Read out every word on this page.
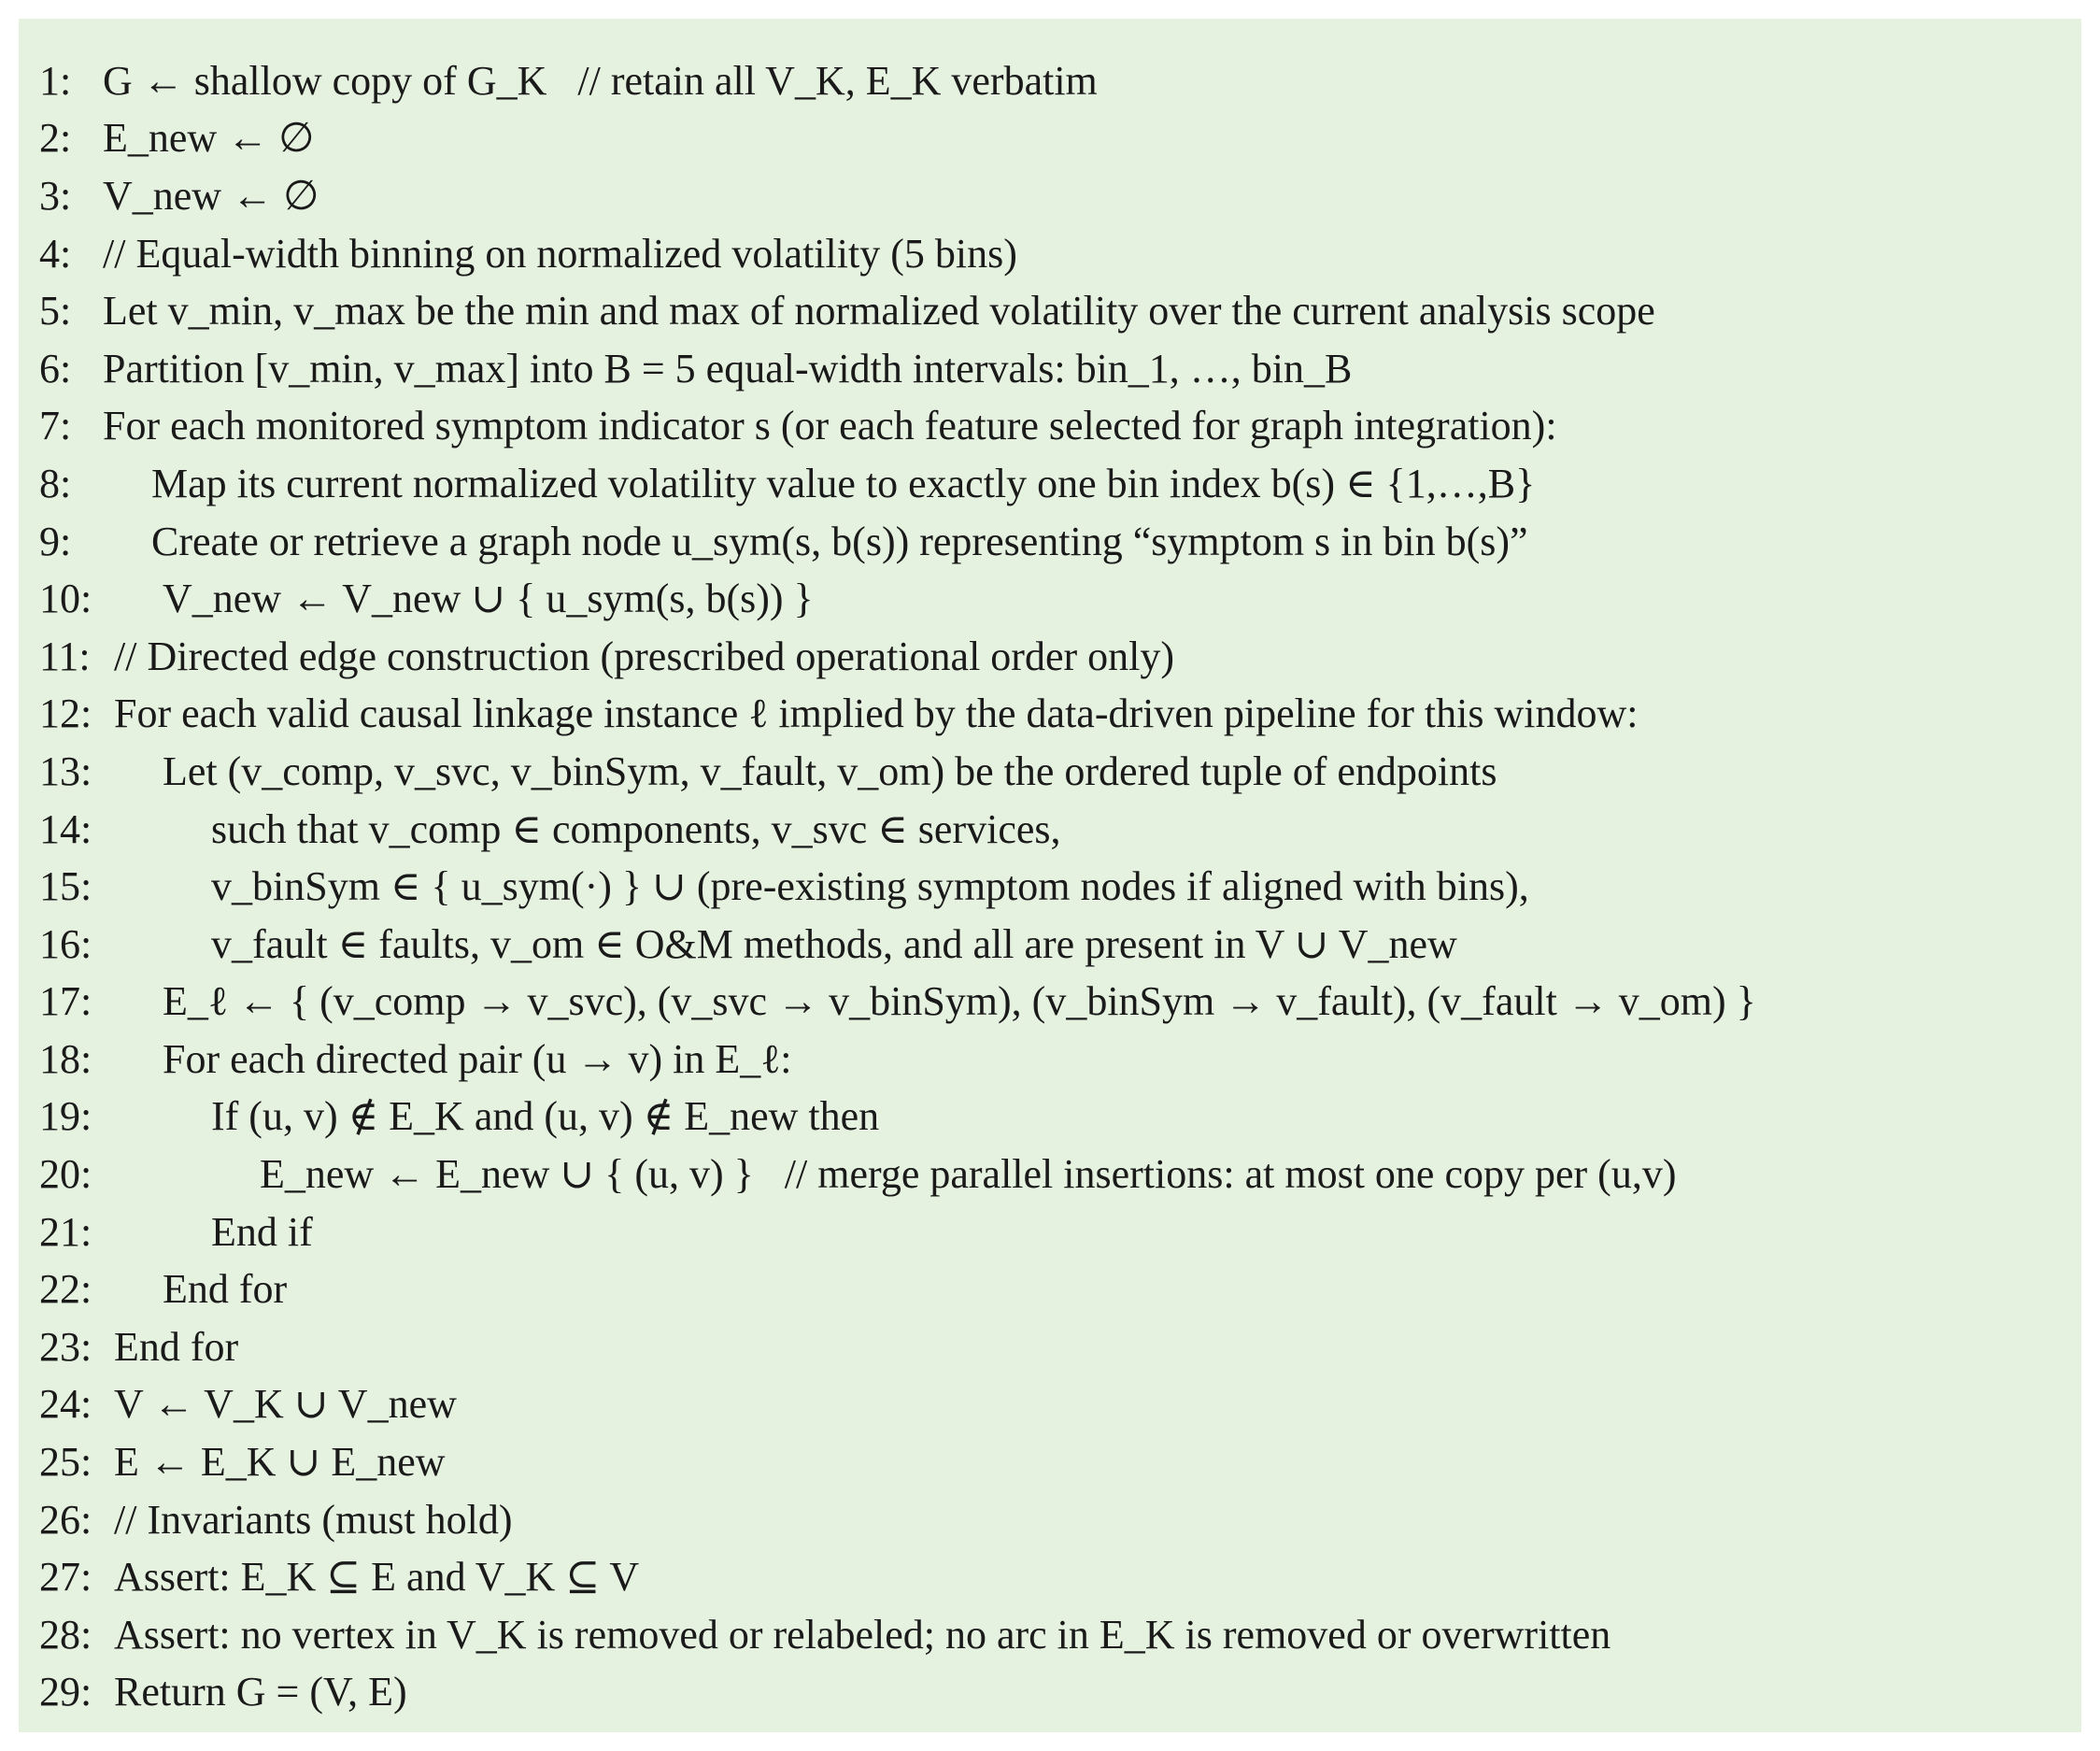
1: G ← shallow copy of G_K   // retain all V_K, E_K verbatim
2: E_new ← ∅
3: V_new ← ∅
4: // Equal-width binning on normalized volatility (5 bins)
5: Let v_min, v_max be the min and max of normalized volatility over the current analysis scope
6: Partition [v_min, v_max] into B = 5 equal-width intervals: bin_1, …, bin_B
7: For each monitored symptom indicator s (or each feature selected for graph integration):
8:	Map its current normalized volatility value to exactly one bin index b(s) ∈ {1,…,B}
9:	Create or retrieve a graph node u_sym(s, b(s)) representing “symptom s in bin b(s)”
10:	V_new ← V_new ∪ { u_sym(s, b(s)) }
11: // Directed edge construction (prescribed operational order only)
12: For each valid causal linkage instance ℓ implied by the data-driven pipeline for this window:
13:	Let (v_comp, v_svc, v_binSym, v_fault, v_om) be the ordered tuple of endpoints
14:	such that v_comp ∈ components, v_svc ∈ services,
15:	v_binSym ∈ { u_sym(·) } ∪ (pre-existing symptom nodes if aligned with bins),
16:	v_fault ∈ faults, v_om ∈ O&M methods, and all are present in V ∪ V_new
17:	E_ℓ ← { (v_comp → v_svc), (v_svc → v_binSym), (v_binSym → v_fault), (v_fault → v_om) }
18:	For each directed pair (u → v) in E_ℓ:
19:	If (u, v) ∉ E_K and (u, v) ∉ E_new then
20:	E_new ← E_new ∪ { (u, v) }   // merge parallel insertions: at most one copy per (u,v)
21:	End if
22:	End for
23: End for
24: V ← V_K ∪ V_new
25: E ← E_K ∪ E_new
26: // Invariants (must hold)
27: Assert: E_K ⊆ E and V_K ⊆ V
28: Assert: no vertex in V_K is removed or relabeled; no arc in E_K is removed or overwritten
29: Return G = (V, E)
